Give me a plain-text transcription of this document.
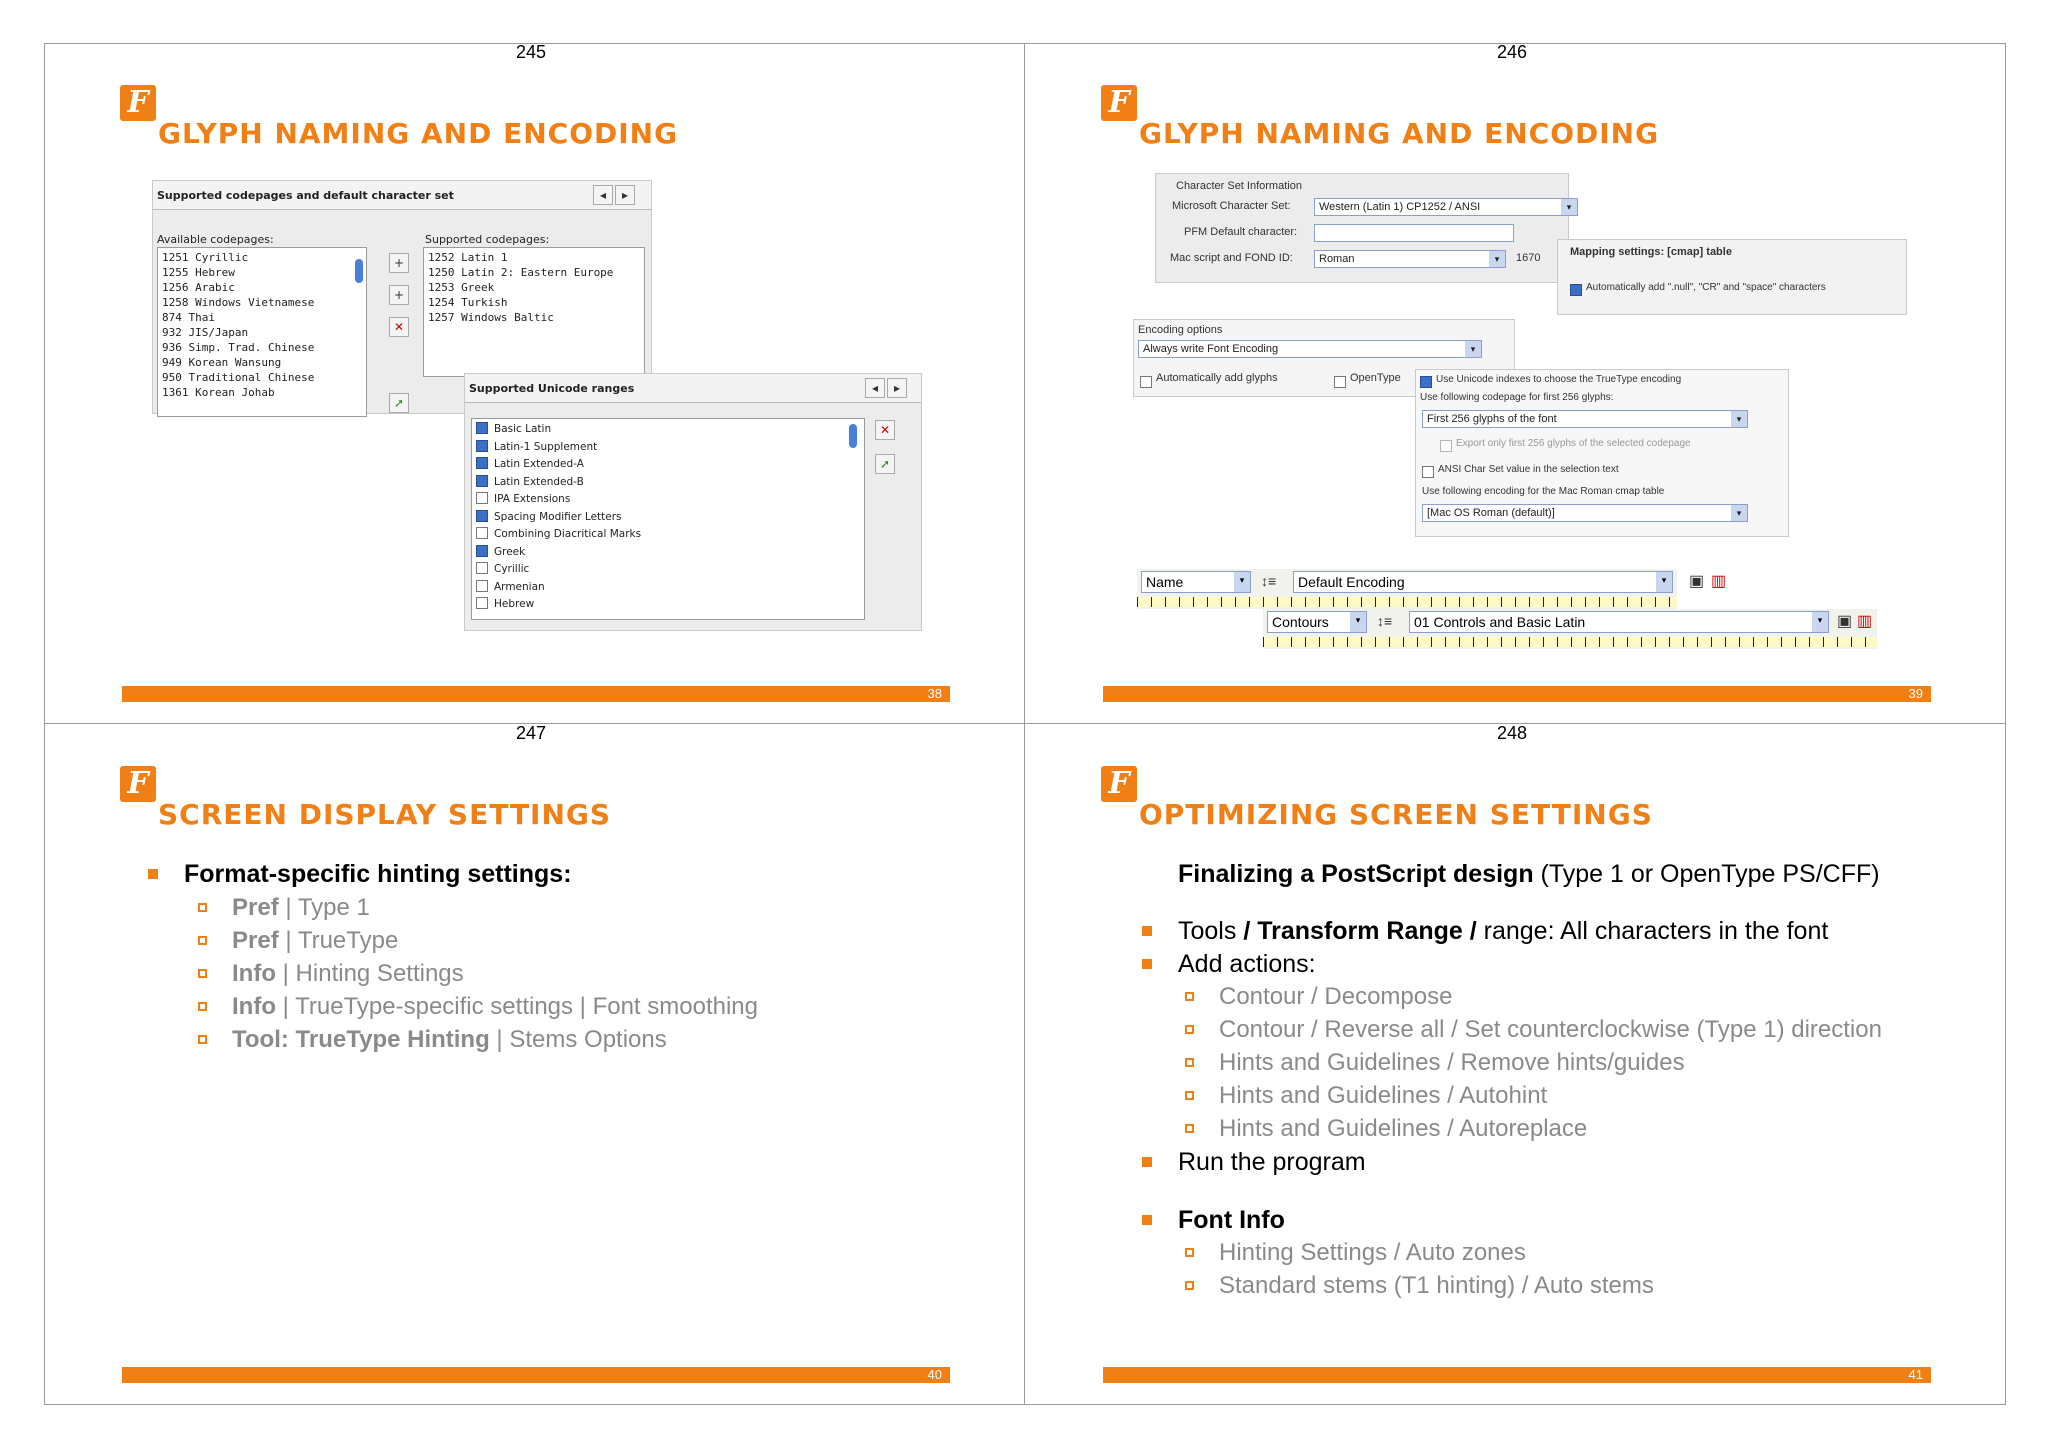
245	246
247	248
F
GLYPH NAMING AND ENCODING
Supported codepages and default character set	◂	▸
Available codepages:
1251 Cyrillic
1255 Hebrew
1256 Arabic
1258 Windows Vietnamese
874 Thai
932 JIS/Japan
936 Simp. Trad. Chinese
949 Korean Wansung
950 Traditional Chinese
1361 Korean Johab
+
+
✕
➚
Supported codepages:
1252 Latin 1
1250 Latin 2: Eastern Europe
1253 Greek
1254 Turkish
1257 Windows Baltic
Supported Unicode ranges	◂	▸
Basic Latin
Latin-1 Supplement
Latin Extended-A
Latin Extended-B
IPA Extensions
Spacing Modifier Letters
Combining Diacritical Marks
Greek
Cyrillic
Armenian
Hebrew
✕
➚
38
F
GLYPH NAMING AND ENCODING
Character Set Information
Microsoft Character Set:	Western (Latin 1) CP1252 / ANSI	▾
PFM Default character:
Mac script and FOND ID:	Roman	▾	1670	Mapping settings: [cmap] table
Automatically add ".null", "CR" and "space" characters
Encoding options
Always write Font Encoding	▾
Automatically add glyphs	OpenType	Use Unicode indexes to choose the TrueType encoding
Use following codepage for first 256 glyphs:
First 256 glyphs of the font	▾
Export only first 256 glyphs of the selected codepage
ANSI Char Set value in the selection text
Use following encoding for the Mac Roman cmap table
[Mac OS Roman (default)]	▾
Name	▾	↕≡	Default Encoding	▾	▣ ▥
Contours	▾	↕≡	01 Controls and Basic Latin	▾ ▣ ▥
39
F
SCREEN DISPLAY SETTINGS
Format-specific hinting settings:
Pref | Type 1
Pref | TrueType
Info | Hinting Settings
Info | TrueType-specific settings | Font smoothing
Tool: TrueType Hinting | Stems Options
40
F
OPTIMIZING SCREEN SETTINGS
Finalizing a PostScript design (Type 1 or OpenType PS/CFF)
Tools / Transform Range / range: All characters in the font
Add actions:
Contour / Decompose
Contour / Reverse all / Set counterclockwise (Type 1) direction
Hints and Guidelines / Remove hints/guides
Hints and Guidelines / Autohint
Hints and Guidelines / Autoreplace
Run the program
Font Info
Hinting Settings / Auto zones
Standard stems (T1 hinting) / Auto stems
41
